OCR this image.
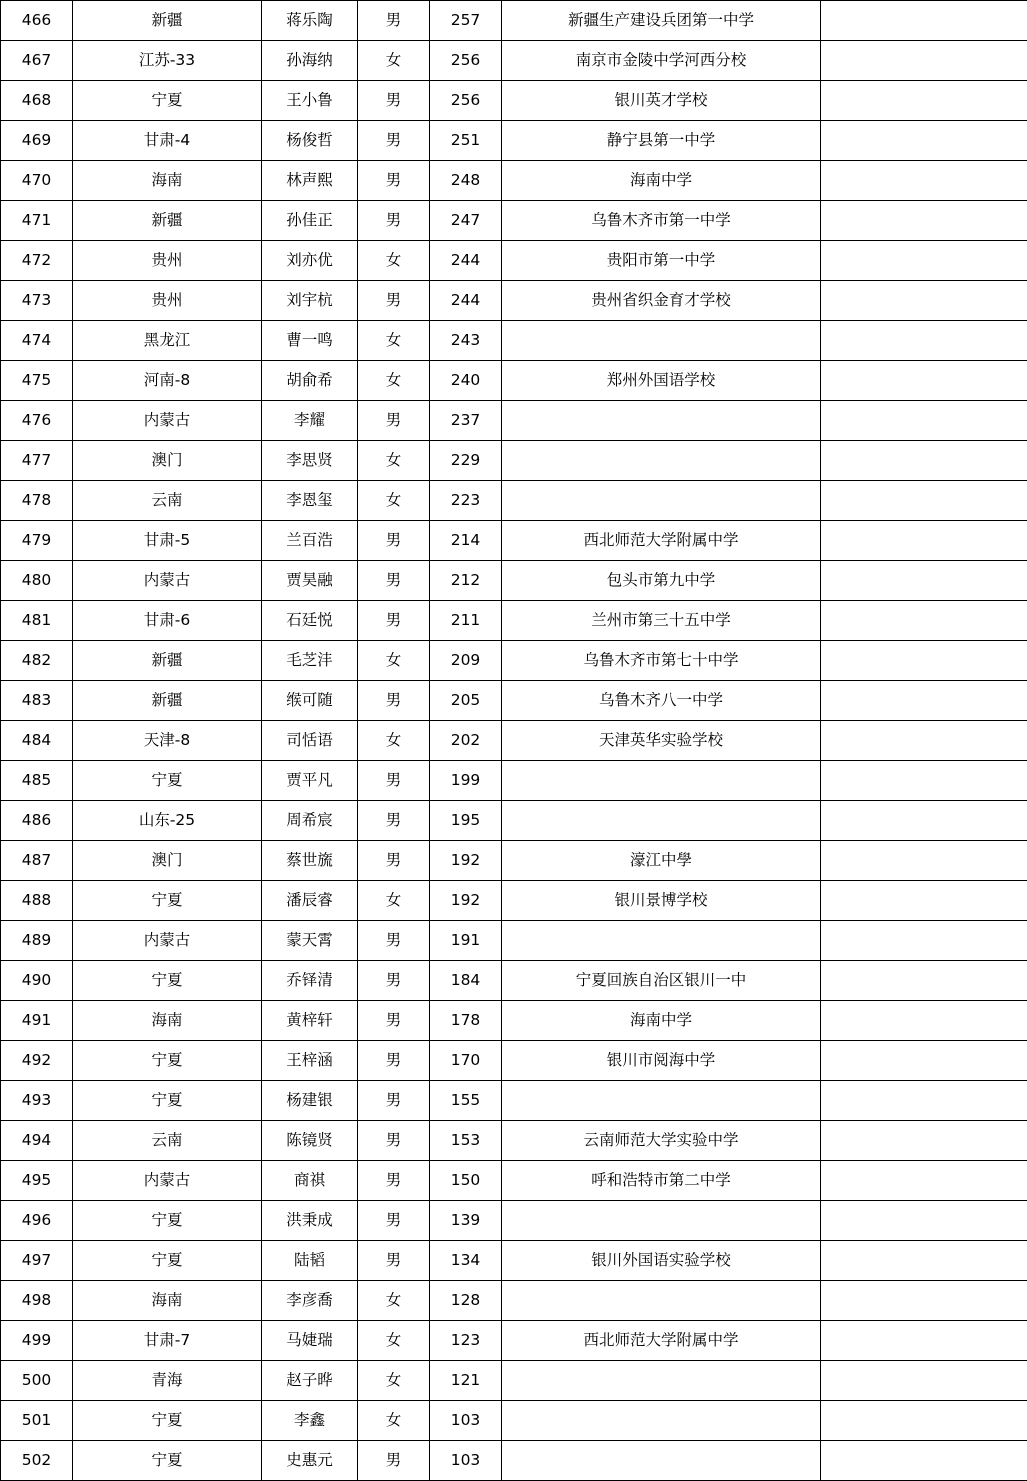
466	新疆	蒋乐陶	男	257	新疆生产建设兵团第一中学	
467	江苏-33	孙海纳	女	256	南京市金陵中学河西分校	
468	宁夏	王小鲁	男	256	银川英才学校	
469	甘肃-4	杨俊哲	男	251	静宁县第一中学	
470	海南	林声熙	男	248	海南中学	
471	新疆	孙佳正	男	247	乌鲁木齐市第一中学	
472	贵州	刘亦优	女	244	贵阳市第一中学	
473	贵州	刘宇杭	男	244	贵州省织金育才学校	
474	黑龙江	曹一鸣	女	243		
475	河南-8	胡俞希	女	240	郑州外国语学校	
476	内蒙古	李耀	男	237		
477	澳门	李思贤	女	229		
478	云南	李恩玺	女	223		
479	甘肃-5	兰百浩	男	214	西北师范大学附属中学	
480	内蒙古	贾昊融	男	212	包头市第九中学	
481	甘肃-6	石廷悦	男	211	兰州市第三十五中学	
482	新疆	毛芝沣	女	209	乌鲁木齐市第七十中学	
483	新疆	缑可随	男	205	乌鲁木齐八一中学	
484	天津-8	司恬语	女	202	天津英华实验学校	
485	宁夏	贾平凡	男	199		
486	山东-25	周希宸	男	195		
487	澳门	蔡世旒	男	192	濠江中學	
488	宁夏	潘辰睿	女	192	银川景博学校	
489	内蒙古	蒙天霄	男	191		
490	宁夏	乔铎清	男	184	宁夏回族自治区银川一中	
491	海南	黄梓轩	男	178	海南中学	
492	宁夏	王梓涵	男	170	银川市阅海中学	
493	宁夏	杨建银	男	155		
494	云南	陈镜贤	男	153	云南师范大学实验中学	
495	内蒙古	商祺	男	150	呼和浩特市第二中学	
496	宁夏	洪秉成	男	139		
497	宁夏	陆韬	男	134	银川外国语实验学校	
498	海南	李彦喬	女	128		
499	甘肃-7	马婕瑞	女	123	西北师范大学附属中学	
500	青海	赵子晔	女	121		
501	宁夏	李鑫	女	103		
502	宁夏	史惠元	男	103		
